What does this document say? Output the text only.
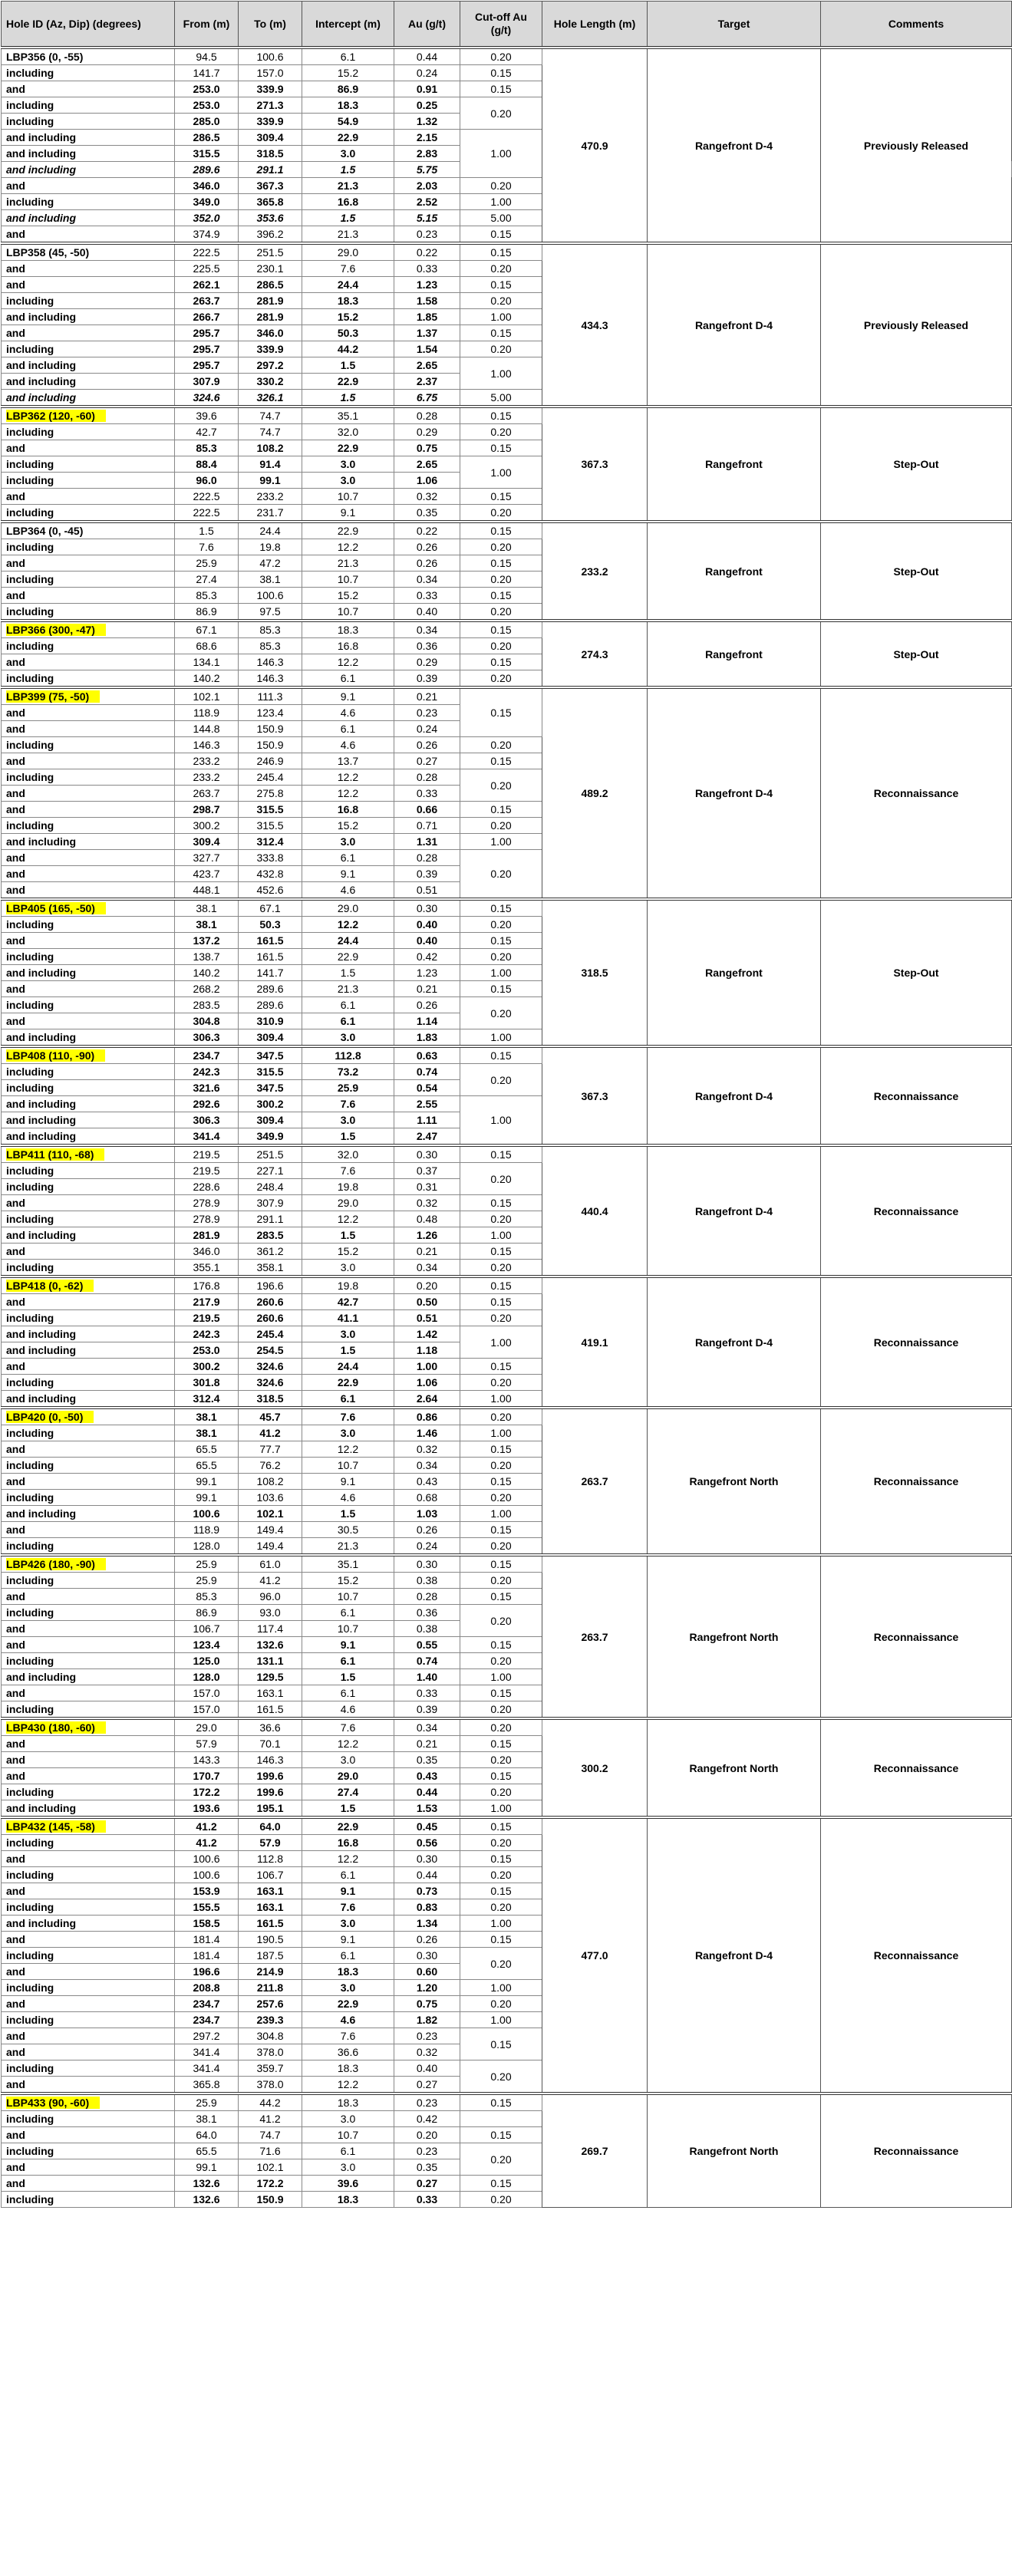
Hole ID (Az, Dip) (degrees)	From (m)	To (m)	Intercept (m)	Au (g/t)	Cut-off Au (g/t)	Hole Length (m)	Target	Comments	
LBP356 (0, -55)	94.5	100.6	6.1	0.44	0.20	470.9	Rangefront D-4	Previously Released	
including	141.7	157.0	15.2	0.24	0.15				
and	253.0	339.9	86.9	0.91	0.15				
including	253.0	271.3	18.3	0.25	0.20				
including	285.0	339.9	54.9	1.32					
and including	286.5	309.4	22.9	2.15	1.00				
and including	315.5	318.5	3.0	2.83					
and including	289.6	291.1	1.5	5.75	
and	346.0	367.3	21.3	2.03	0.20				
including	349.0	365.8	16.8	2.52	1.00				
and including	352.0	353.6	1.5	5.15	5.00				
and	374.9	396.2	21.3	0.23	0.15				
LBP358 (45, -50)	222.5	251.5	29.0	0.22	0.15	434.3	Rangefront D-4	Previously Released	
and	225.5	230.1	7.6	0.33	0.20				
and	262.1	286.5	24.4	1.23	0.15				
including	263.7	281.9	18.3	1.58	0.20				
and including	266.7	281.9	15.2	1.85	1.00				
and	295.7	346.0	50.3	1.37	0.15				
including	295.7	339.9	44.2	1.54	0.20				
and including	295.7	297.2	1.5	2.65	1.00				
and including	307.9	330.2	22.9	2.37					
and including	324.6	326.1	1.5	6.75	5.00				
LBP362 (120, -60)	39.6	74.7	35.1	0.28	0.15	367.3	Rangefront	Step-Out	
including	42.7	74.7	32.0	0.29	0.20				
and	85.3	108.2	22.9	0.75	0.15				
including	88.4	91.4	3.0	2.65	1.00				
including	96.0	99.1	3.0	1.06					
and	222.5	233.2	10.7	0.32	0.15				
including	222.5	231.7	9.1	0.35	0.20				
LBP364 (0, -45)	1.5	24.4	22.9	0.22	0.15	233.2	Rangefront	Step-Out	
including	7.6	19.8	12.2	0.26	0.20				
and	25.9	47.2	21.3	0.26	0.15				
including	27.4	38.1	10.7	0.34	0.20				
and	85.3	100.6	15.2	0.33	0.15				
including	86.9	97.5	10.7	0.40	0.20				
LBP366 (300, -47)	67.1	85.3	18.3	0.34	0.15	274.3	Rangefront	Step-Out	
including	68.6	85.3	16.8	0.36	0.20				
and	134.1	146.3	12.2	0.29	0.15				
including	140.2	146.3	6.1	0.39	0.20				
LBP399 (75, -50)	102.1	111.3	9.1	0.21	0.15	489.2	Rangefront D-4	Reconnaissance	
and	118.9	123.4	4.6	0.23					
and	144.8	150.9	6.1	0.24					
including	146.3	150.9	4.6	0.26	0.20				
and	233.2	246.9	13.7	0.27	0.15				
including	233.2	245.4	12.2	0.28	0.20				
and	263.7	275.8	12.2	0.33					
and	298.7	315.5	16.8	0.66	0.15				
including	300.2	315.5	15.2	0.71	0.20				
and including	309.4	312.4	3.0	1.31	1.00				
and	327.7	333.8	6.1	0.28	0.20				
and	423.7	432.8	9.1	0.39					
and	448.1	452.6	4.6	0.51					
LBP405 (165, -50)	38.1	67.1	29.0	0.30	0.15	318.5	Rangefront	Step-Out	
including	38.1	50.3	12.2	0.40	0.20				
and	137.2	161.5	24.4	0.40	0.15				
including	138.7	161.5	22.9	0.42	0.20				
and including	140.2	141.7	1.5	1.23	1.00				
and	268.2	289.6	21.3	0.21	0.15				
including	283.5	289.6	6.1	0.26	0.20				
and	304.8	310.9	6.1	1.14					
and including	306.3	309.4	3.0	1.83	1.00				
LBP408 (110, -90)	234.7	347.5	112.8	0.63	0.15	367.3	Rangefront D-4	Reconnaissance	
including	242.3	315.5	73.2	0.74	0.20				
including	321.6	347.5	25.9	0.54					
and including	292.6	300.2	7.6	2.55	1.00				
and including	306.3	309.4	3.0	1.11					
and including	341.4	349.9	1.5	2.47					
LBP411 (110, -68)	219.5	251.5	32.0	0.30	0.15	440.4	Rangefront D-4	Reconnaissance	
including	219.5	227.1	7.6	0.37	0.20				
including	228.6	248.4	19.8	0.31					
and	278.9	307.9	29.0	0.32	0.15				
including	278.9	291.1	12.2	0.48	0.20				
and including	281.9	283.5	1.5	1.26	1.00				
and	346.0	361.2	15.2	0.21	0.15				
including	355.1	358.1	3.0	0.34	0.20				
LBP418 (0, -62)	176.8	196.6	19.8	0.20	0.15	419.1	Rangefront D-4	Reconnaissance	
and	217.9	260.6	42.7	0.50	0.15				
including	219.5	260.6	41.1	0.51	0.20				
and including	242.3	245.4	3.0	1.42	1.00				
and including	253.0	254.5	1.5	1.18					
and	300.2	324.6	24.4	1.00	0.15				
including	301.8	324.6	22.9	1.06	0.20				
and including	312.4	318.5	6.1	2.64	1.00				
LBP420 (0, -50)	38.1	45.7	7.6	0.86	0.20	263.7	Rangefront North	Reconnaissance	
including	38.1	41.2	3.0	1.46	1.00				
and	65.5	77.7	12.2	0.32	0.15				
including	65.5	76.2	10.7	0.34	0.20				
and	99.1	108.2	9.1	0.43	0.15				
including	99.1	103.6	4.6	0.68	0.20				
and including	100.6	102.1	1.5	1.03	1.00				
and	118.9	149.4	30.5	0.26	0.15				
including	128.0	149.4	21.3	0.24	0.20				
LBP426 (180, -90)	25.9	61.0	35.1	0.30	0.15	263.7	Rangefront North	Reconnaissance	
including	25.9	41.2	15.2	0.38	0.20				
and	85.3	96.0	10.7	0.28	0.15				
including	86.9	93.0	6.1	0.36	0.20				
and	106.7	117.4	10.7	0.38					
and	123.4	132.6	9.1	0.55	0.15				
including	125.0	131.1	6.1	0.74	0.20				
and including	128.0	129.5	1.5	1.40	1.00				
and	157.0	163.1	6.1	0.33	0.15				
including	157.0	161.5	4.6	0.39	0.20				
LBP430 (180, -60)	29.0	36.6	7.6	0.34	0.20	300.2	Rangefront North	Reconnaissance	
and	57.9	70.1	12.2	0.21	0.15				
and	143.3	146.3	3.0	0.35	0.20				
and	170.7	199.6	29.0	0.43	0.15				
including	172.2	199.6	27.4	0.44	0.20				
and including	193.6	195.1	1.5	1.53	1.00				
LBP432 (145, -58)	41.2	64.0	22.9	0.45	0.15	477.0	Rangefront D-4	Reconnaissance	
including	41.2	57.9	16.8	0.56	0.20				
and	100.6	112.8	12.2	0.30	0.15				
including	100.6	106.7	6.1	0.44	0.20				
and	153.9	163.1	9.1	0.73	0.15				
including	155.5	163.1	7.6	0.83	0.20				
and including	158.5	161.5	3.0	1.34	1.00				
and	181.4	190.5	9.1	0.26	0.15				
including	181.4	187.5	6.1	0.30	0.20				
and	196.6	214.9	18.3	0.60					
including	208.8	211.8	3.0	1.20	1.00				
and	234.7	257.6	22.9	0.75	0.20				
including	234.7	239.3	4.6	1.82	1.00				
and	297.2	304.8	7.6	0.23	0.15				
and	341.4	378.0	36.6	0.32					
including	341.4	359.7	18.3	0.40	0.20				
and	365.8	378.0	12.2	0.27					
LBP433 (90, -60)	25.9	44.2	18.3	0.23	0.15	269.7	Rangefront North	Reconnaissance	
including	38.1	41.2	3.0	0.42					
and	64.0	74.7	10.7	0.20	0.15				
including	65.5	71.6	6.1	0.23	0.20				
and	99.1	102.1	3.0	0.35					
and	132.6	172.2	39.6	0.27	0.15				
including	132.6	150.9	18.3	0.33	0.20				
